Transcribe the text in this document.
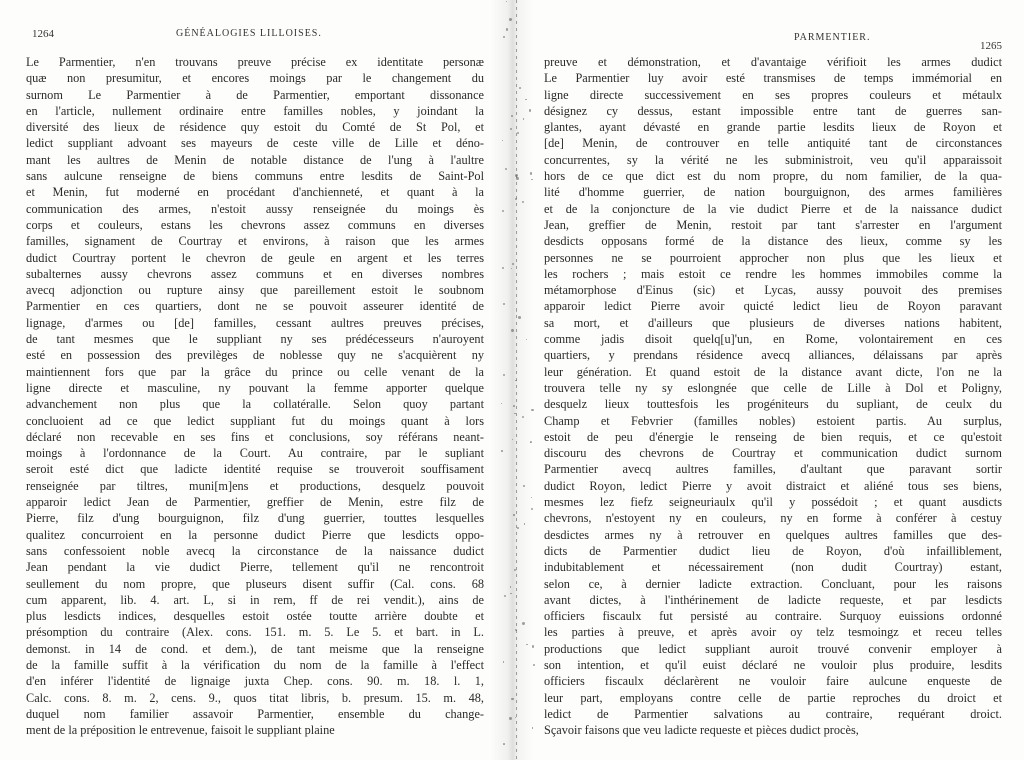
1264	GÉNÉALOGIES LILLOISES.
Le Parmentier, n'en trouvans preuve précise ex identitate personæ
quæ non presumitur, et encores moings par le changement du
surnom Le Parmentier à de Parmentier, emportant dissonance
en l'article, nullement ordinaire entre familles nobles, y joindant la
diversité des lieux de résidence quy estoit du Comté de St Pol, et
ledict suppliant advoant ses mayeurs de ceste ville de Lille et déno-
mant les aultres de Menin de notable distance de l'ung à l'aultre
sans aulcune renseigne de biens communs entre lesdits de Saint-Pol
et Menin, fut moderné en procédant d'anchienneté, et quant à la
communication des armes, n'estoit aussy renseignée du moings ès
corps et couleurs, estans les chevrons assez communs en diverses
familles, signament de Courtray et environs, à raison que les armes
dudict Courtray portent le chevron de geule en argent et les terres
subalternes aussy chevrons assez communs et en diverses nombres
avecq adjonction ou rupture ainsy que pareillement estoit le soubnom
Parmentier en ces quartiers, dont ne se pouvoit asseurer identité de
lignage, d'armes ou [de] familles, cessant aultres preuves précises,
de tant mesmes que le suppliant ny ses prédécesseurs n'auroyent
esté en possession des previlèges de noblesse quy ne s'acquièrent ny
maintiennent fors que par la grâce du prince ou celle venant de la
ligne directe et masculine, ny pouvant la femme apporter quelque
advanchement non plus que la collatéralle. Selon quoy partant
concluoient ad ce que ledict suppliant fut du moings quant à lors
déclaré non recevable en ses fins et conclusions, soy référans neant-
moings à l'ordonnance de la Court. Au contraire, par le supliant
seroit esté dict que ladicte identité requise se trouveroit souffisament
renseignée par tiltres, muni[m]ens et productions, desquelz pouvoit
apparoir ledict Jean de Parmentier, greffier de Menin, estre filz de
Pierre, filz d'ung bourguignon, filz d'ung guerrier, touttes lesquelles
qualitez concurroient en la personne dudict Pierre que lesdicts oppo-
sans confessoient noble avecq la circonstance de la naissance dudict
Jean pendant la vie dudict Pierre, tellement qu'il ne rencontroit
seullement du nom propre, que pluseurs disent suffir (Cal. cons. 68
cum apparent, lib. 4. art. L, si in rem, ff de rei vendit.), ains de
plus lesdicts indices, desquelles estoit ostée toutte arrière doubte et
présomption du contraire (Alex. cons. 151. m. 5. Le 5. et bart. in L.
demonst. in 14 de cond. et dem.), de tant meisme que la renseigne
de la famille suffit à la vérification du nom de la famille à l'effect
d'en inférer l'identité de lignaige juxta Chep. cons. 90. m. 18. l. 1,
Calc. cons. 8. m. 2, cens. 9., quos titat libris, b. presum. 15. m. 48,
duquel nom familier assavoir Parmentier, ensemble du change-
ment de la préposition le entrevenue, faisoit le suppliant plaine
PARMENTIER.
1265
preuve et démonstration, et d'avantaige vérifioit les armes dudict
Le Parmentier luy avoir esté transmises de temps immémorial en
ligne directe successivement en ses propres couleurs et métaulx
désignez cy dessus, estant impossible entre tant de guerres san-
glantes, ayant dévasté en grande partie lesdits lieux de Royon et
[de] Menin, de controuver en telle antiquité tant de circonstances
concurrentes, sy la vérité ne les subministroit, veu qu'il apparaissoit
hors de ce que dict est du nom propre, du nom familier, de la qua-
lité d'homme guerrier, de nation bourguignon, des armes familières
et de la conjoncture de la vie dudict Pierre et de la naissance dudict
Jean, greffier de Menin, restoit par tant s'arrester en l'argument
desdicts opposans formé de la distance des lieux, comme sy les
personnes ne se pourroient approcher non plus que les lieux et
les rochers ; mais estoit ce rendre les hommes immobiles comme la
métamorphose d'Einus (sic) et Lycas, aussy pouvoit des premises
apparoir ledict Pierre avoir quicté ledict lieu de Royon paravant
sa mort, et d'ailleurs que plusieurs de diverses nations habitent,
comme jadis disoit quelq[u]'un, en Rome, volontairement en ces
quartiers, y prendans résidence avecq alliances, délaissans par après
leur génération. Et quand estoit de la distance avant dicte, l'on ne la
trouvera telle ny sy eslongnée que celle de Lille à Dol et Poligny,
desquelz lieux touttesfois les progéniteurs du supliant, de ceulx du
Champ et Febvrier (familles nobles) estoient partis. Au surplus,
estoit de peu d'énergie le renseing de bien requis, et ce qu'estoit
discouru des chevrons de Courtray et communication dudict surnom
Parmentier avecq aultres familles, d'aultant que paravant sortir
dudict Royon, ledict Pierre y avoit distraict et aliéné tous ses biens,
mesmes lez fiefz seigneuriaulx qu'il y possédoit ; et quant ausdicts
chevrons, n'estoyent ny en couleurs, ny en forme à conférer à cestuy
desdictes armes ny à retrouver en quelques aultres familles que des-
dicts de Parmentier dudict lieu de Royon, d'où infailliblement,
indubitablement et nécessairement (non dudit Courtray) estant,
selon ce, à dernier ladicte extraction. Concluant, pour les raisons
avant dictes, à l'inthérinement de ladicte requeste, et par lesdicts
officiers fiscaulx fut persisté au contraire. Surquoy euissions ordonné
les parties à preuve, et après avoir oy telz tesmoingz et receu telles
productions que ledict suppliant auroit trouvé convenir employer à
son intention, et qu'il euist déclaré ne vouloir plus produire, lesdits
officiers fiscaulx déclarèrent ne vouloir faire aulcune enqueste de
leur part, employans contre celle de partie reproches du droict et
ledict de Parmentier salvations au contraire, requérant droict.
Sçavoir faisons que veu ladicte requeste et pièces dudict procès,
